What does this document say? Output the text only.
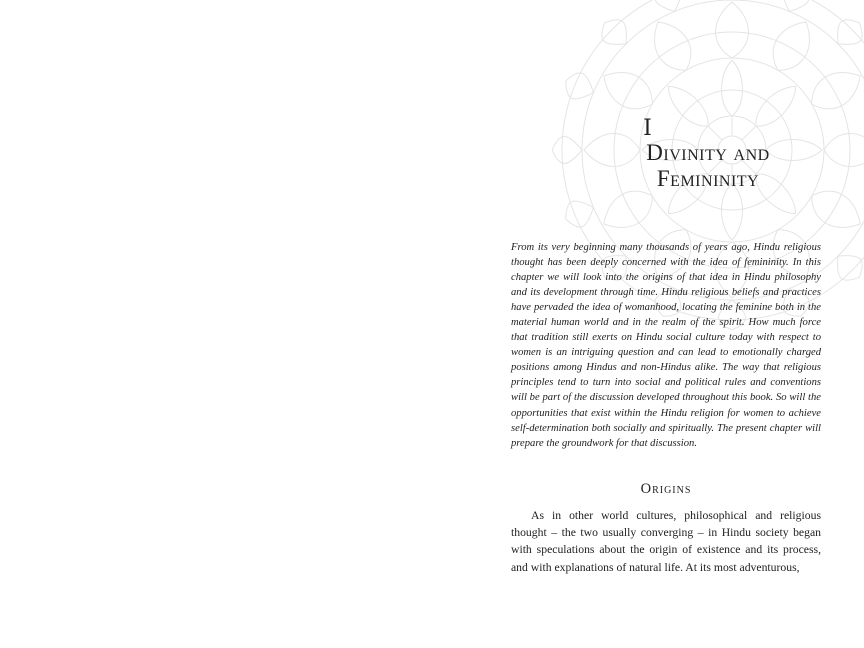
I
Divinity and
Femininity

From its very beginning many thousands of years ago, Hindu religious thought has been deeply concerned with the idea of femininity. In this chapter we will look into the origins of that idea in Hindu philosophy and its development through time. Hindu religious beliefs and practices have pervaded the idea of womanhood, locating the feminine both in the material human world and in the realm of the spirit. How much force that tradition still exerts on Hindu social culture today with respect to women is an intriguing question and can lead to emotionally charged positions among Hindus and non-Hindus alike. The way that religious principles tend to turn into social and political rules and conventions will be part of the discussion developed throughout this book. So will the opportunities that exist within the Hindu religion for women to achieve self-determination both socially and spiritually. The present chapter will prepare the groundwork for that discussion.

Origins

As in other world cultures, philosophical and religious thought – the two usually converging – in Hindu society began with speculations about the origin of existence and its process, and with explanations of natural life. At its most adventurous,
